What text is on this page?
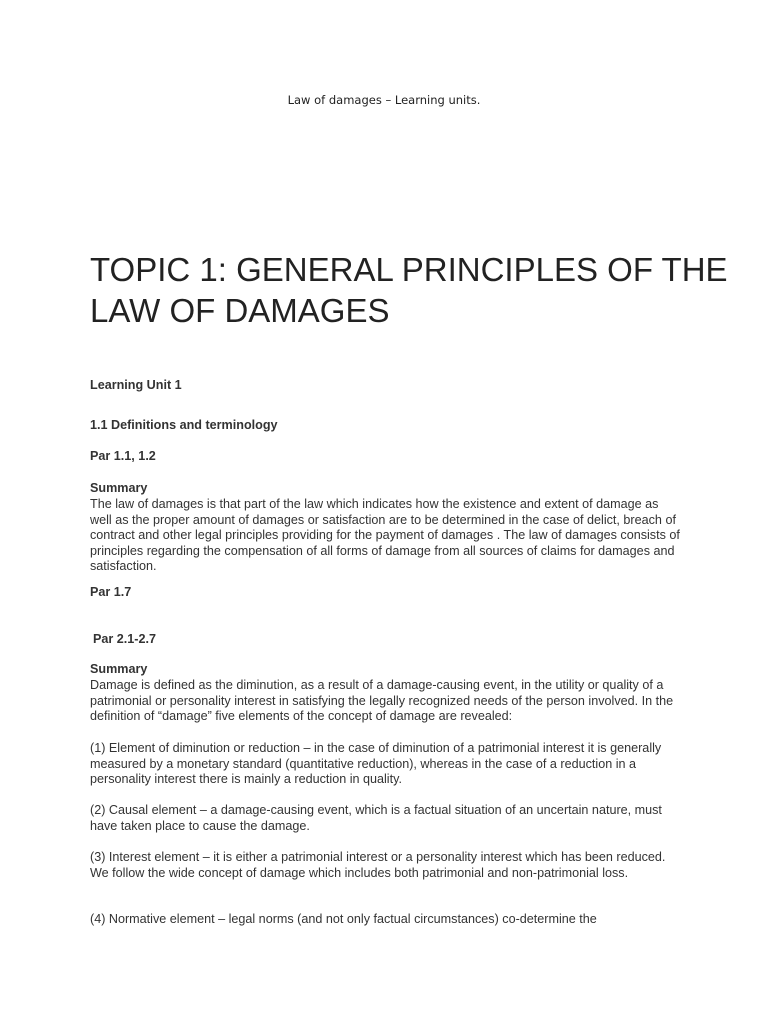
Law of damages – Learning units.
TOPIC 1: GENERAL PRINCIPLES OF THE LAW OF DAMAGES

Learning Unit 1

1.1 Definitions and terminology

Par 1.1, 1.2

Summary

The law of damages is that part of the law which indicates how the existence and extent of damage as well as the proper amount of damages or satisfaction are to be determined in the case of delict, breach of contract and other legal principles providing for the payment of damages . The law of damages consists of principles regarding the compensation of all forms of damage from all sources of claims for damages and satisfaction.

Par 1.7

Par 2.1-2.7

Summary

Damage is defined as the diminution, as a result of a damage-causing event, in the utility or quality of a patrimonial or personality interest in satisfying the legally recognized needs of the person involved. In the definition of “damage” five elements of the concept of damage are revealed:

(1) Element of diminution or reduction – in the case of diminution of a patrimonial interest it is generally measured by a monetary standard (quantitative reduction), whereas in the case of a reduction in a personality interest there is mainly a reduction in quality.

(2) Causal element – a damage-causing event, which is a factual situation of an uncertain nature, must have taken place to cause the damage.

(3) Interest element – it is either a patrimonial interest or a personality interest which has been reduced. We follow the wide concept of damage which includes both patrimonial and non-patrimonial loss.

(4) Normative element – legal norms (and not only factual circumstances) co-determine the
